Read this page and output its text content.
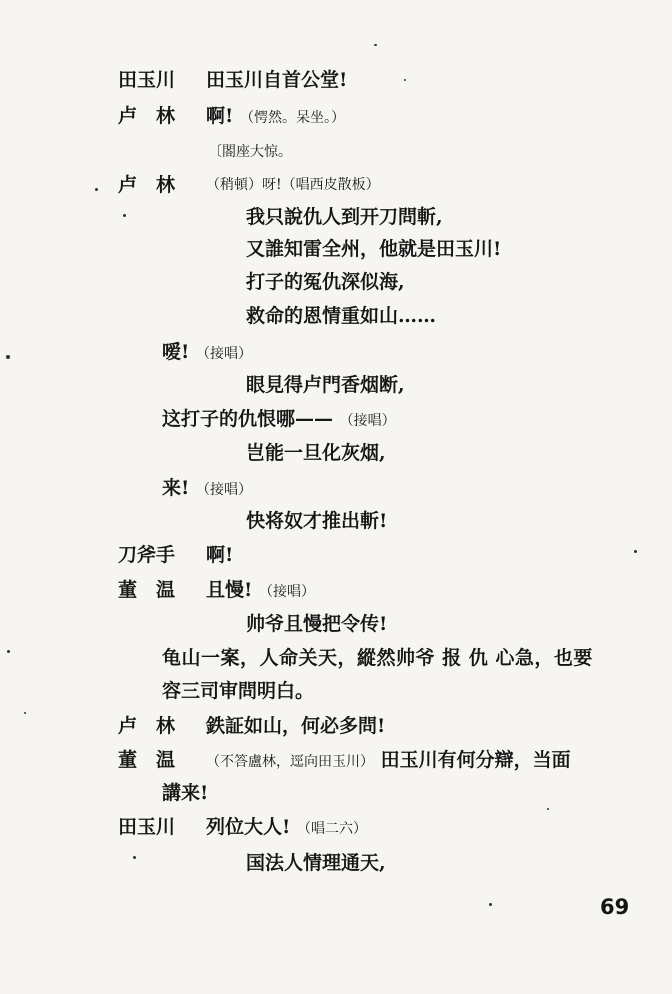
田玉川 田玉川自首公堂!
卢　林 啊! （愕然。呆坐。）
〔閤座大惊。
卢　林 （稍頓）呀!（唱西皮散板）
我只說仇人到开刀問斬,
又誰知雷全州，他就是田玉川!
打子的冤仇深似海,
救命的恩情重如山……
嗳! （接唱）
眼見得卢門香烟断,
这打子的仇恨哪—— （接唱）
岂能一旦化灰烟,
来! （接唱）
快将奴才推出斬!
刀斧手 啊!
董　温 且慢! （接唱）
帅爷且慢把令传!
龟山一案，人命关天，縱然帅爷 报 仇 心急，也要
容三司审問明白。
卢　林 鉄証如山，何必多問!
董　温 （不答盧林，逕向田玉川） 田玉川有何分辯，当面
講来!
田玉川 列位大人! （唱二六）
国法人情理通天,
69
